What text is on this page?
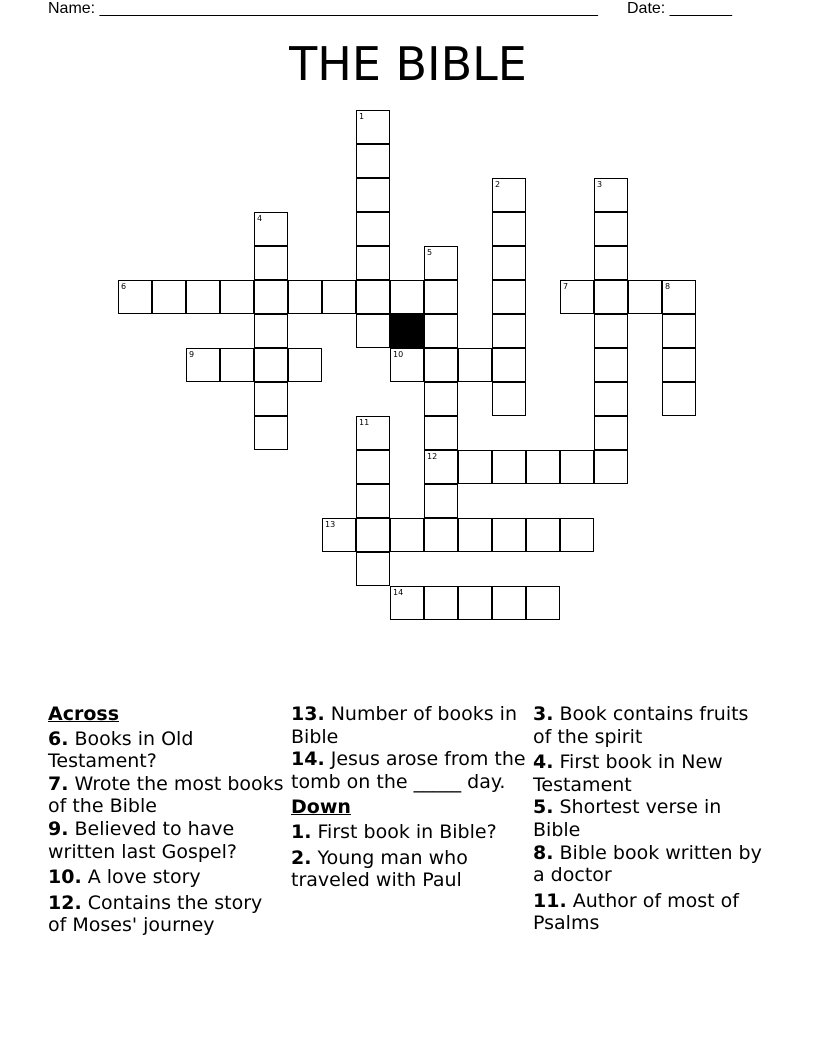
Name: ________________________________________________________ Date: _______
THE BIBLE
1
2	3
4
5
6	7	8
9	10
11
12
13
14

Across

6. Books in Old Testament?

7. Wrote the most books of the Bible

9. Believed to have written last Gospel?

10. A love story

12. Contains the story of Moses' journey

13. Number of books in Bible

14. Jesus arose from the tomb on the _____ day.

Down

1. First book in Bible?

2. Young man who traveled with Paul

3. Book contains fruits of the spirit

4. First book in New Testament

5. Shortest verse in Bible

8. Bible book written by a doctor

11. Author of most of Psalms
